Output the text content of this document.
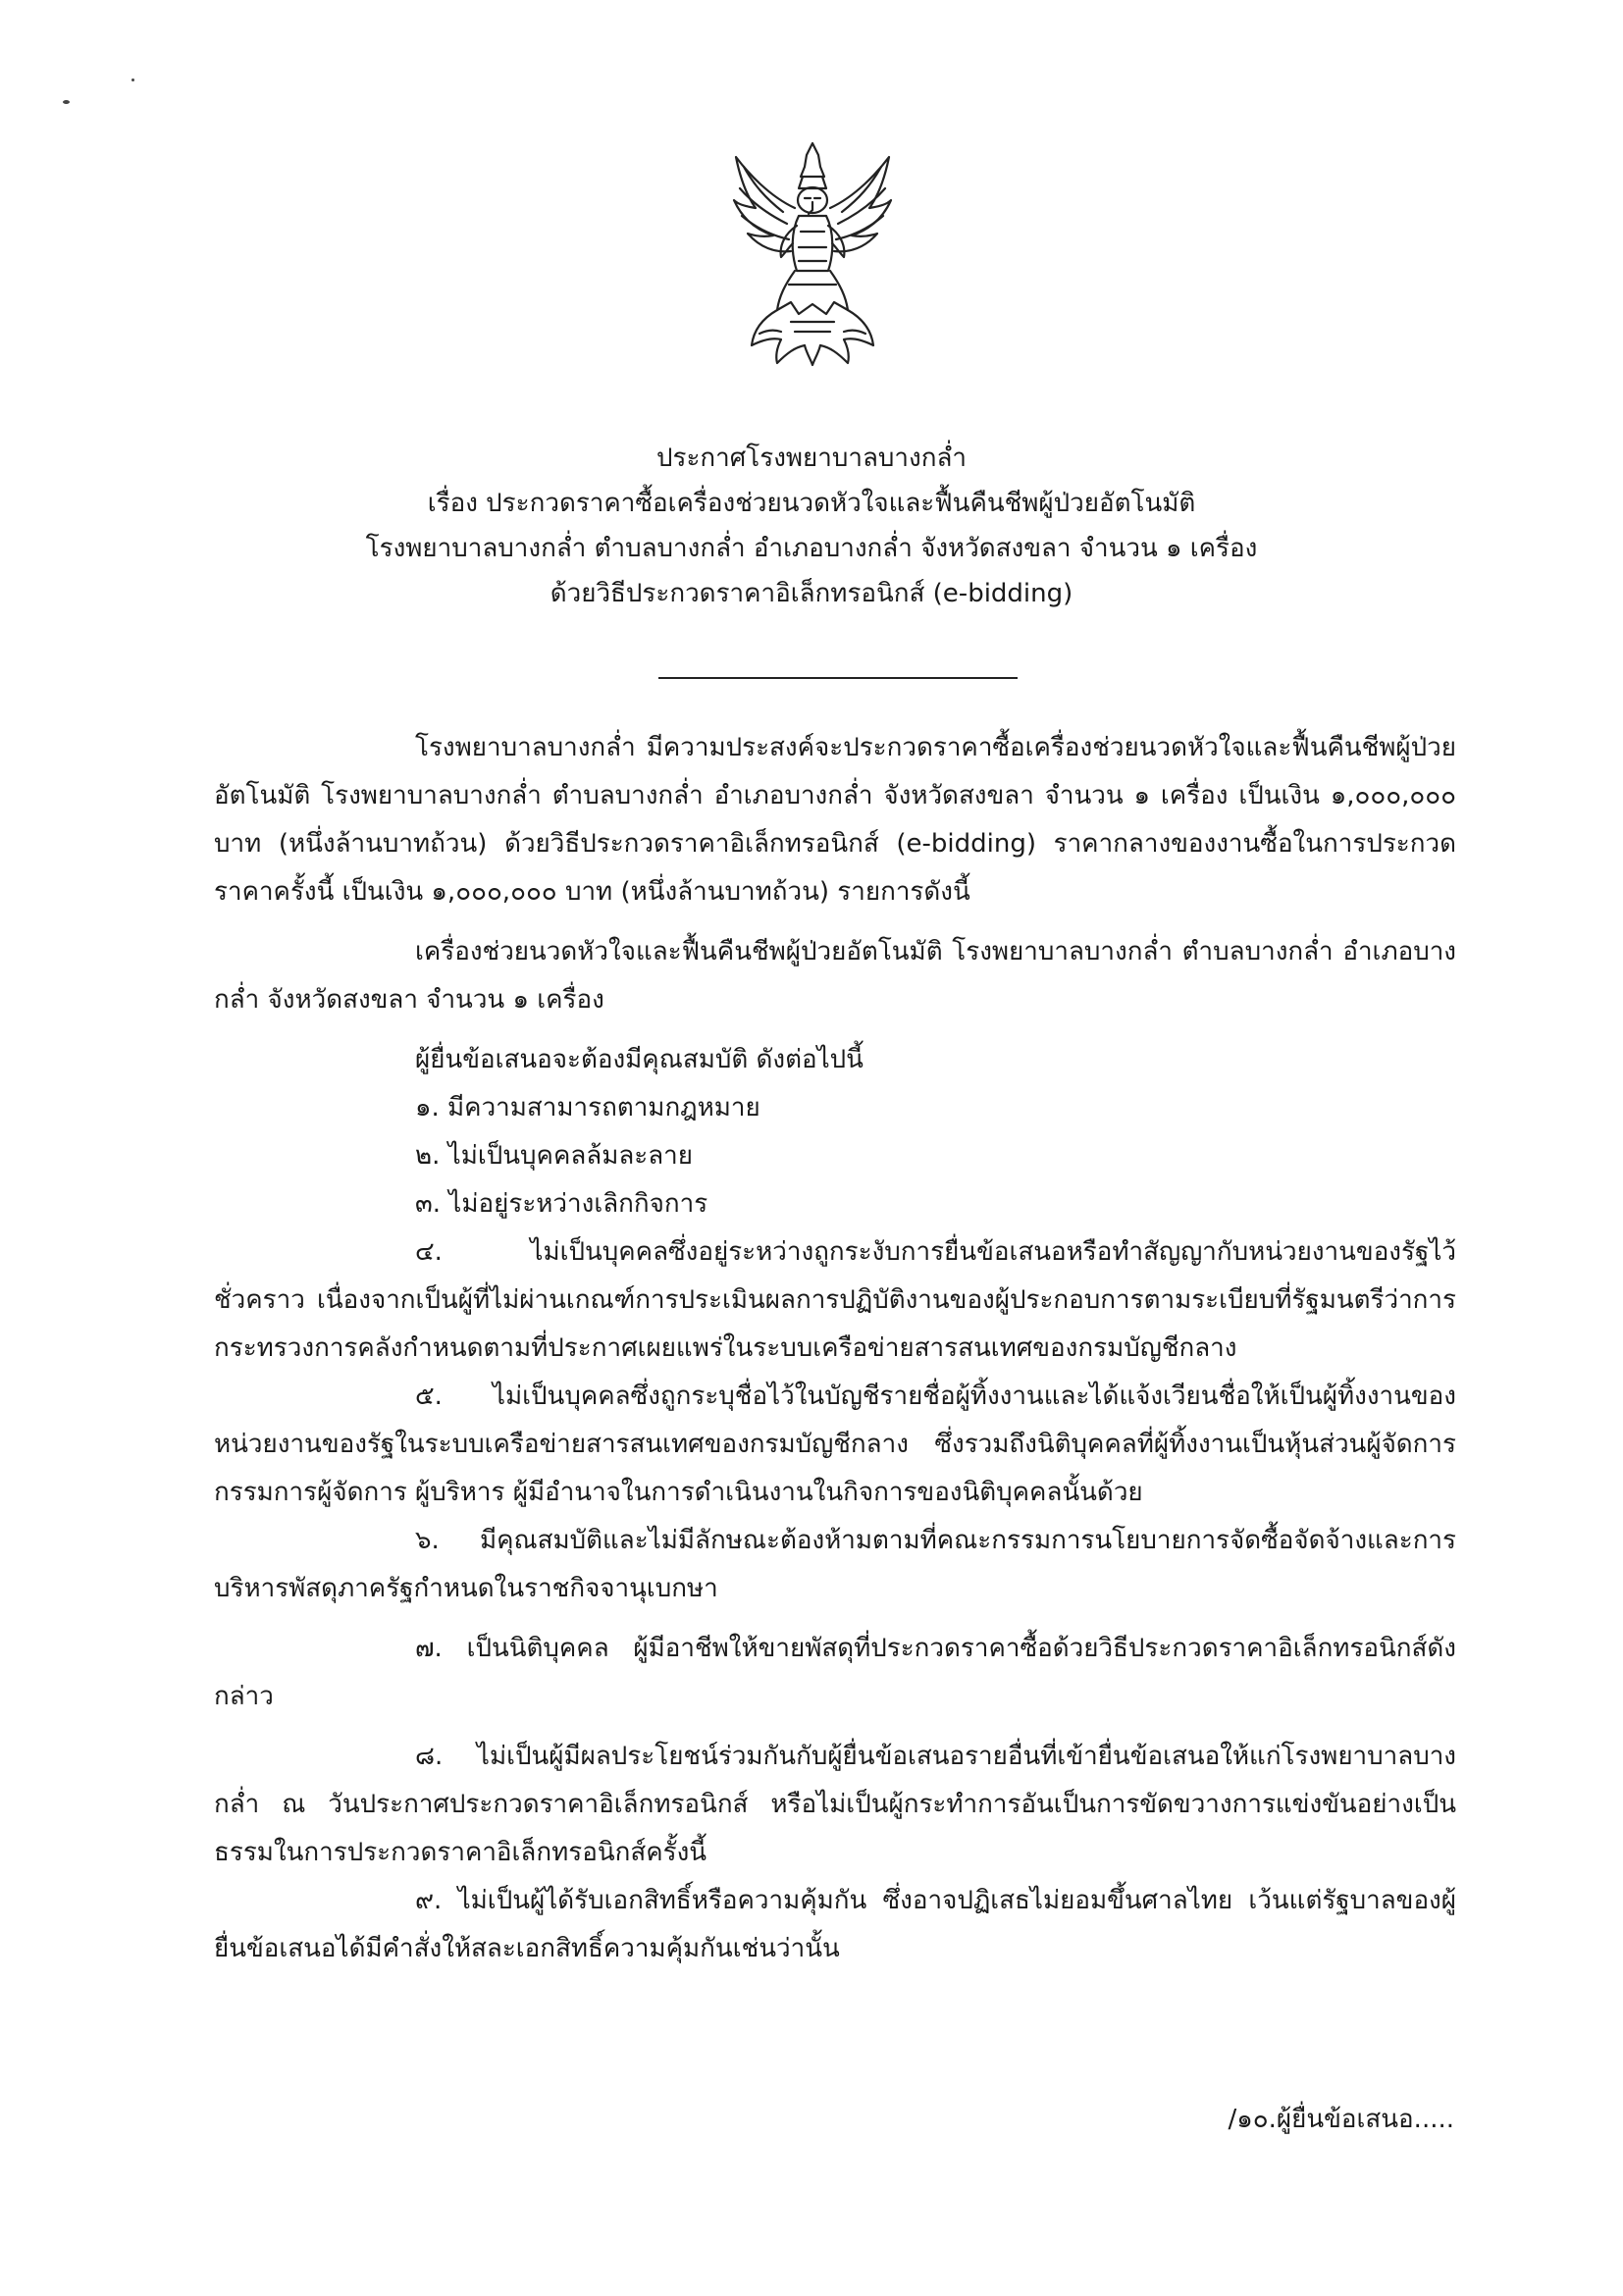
ประกาศโรงพยาบาลบางกล่ำ
เรื่อง ประกวดราคาซื้อเครื่องช่วยนวดหัวใจและฟื้นคืนชีพผู้ป่วยอัตโนมัติ
โรงพยาบาลบางกล่ำ ตำบลบางกล่ำ อำเภอบางกล่ำ จังหวัดสงขลา จำนวน ๑ เครื่อง
ด้วยวิธีประกวดราคาอิเล็กทรอนิกส์ (e-bidding)

โรงพยาบาลบางกล่ำ มีความประสงค์จะประกวดราคาซื้อเครื่องช่วยนวดหัวใจและฟื้นคืนชีพผู้ป่วยอัตโนมัติ โรงพยาบาลบางกล่ำ ตำบลบางกล่ำ อำเภอบางกล่ำ จังหวัดสงขลา จำนวน ๑ เครื่อง เป็นเงิน ๑,๐๐๐,๐๐๐ บาท (หนึ่งล้านบาทถ้วน) ด้วยวิธีประกวดราคาอิเล็กทรอนิกส์ (e-bidding) ราคากลางของงานซื้อในการประกวดราคาครั้งนี้ เป็นเงิน ๑,๐๐๐,๐๐๐ บาท (หนึ่งล้านบาทถ้วน) รายการดังนี้

เครื่องช่วยนวดหัวใจและฟื้นคืนชีพผู้ป่วยอัตโนมัติ โรงพยาบาลบางกล่ำ ตำบลบางกล่ำ อำเภอบางกล่ำ จังหวัดสงขลา จำนวน ๑ เครื่อง

ผู้ยื่นข้อเสนอจะต้องมีคุณสมบัติ ดังต่อไปนี้

๑. มีความสามารถตามกฎหมาย

๒. ไม่เป็นบุคคลล้มละลาย

๓. ไม่อยู่ระหว่างเลิกกิจการ

๔. ไม่เป็นบุคคลซึ่งอยู่ระหว่างถูกระงับการยื่นข้อเสนอหรือทำสัญญากับหน่วยงานของรัฐไว้ชั่วคราว เนื่องจากเป็นผู้ที่ไม่ผ่านเกณฑ์การประเมินผลการปฏิบัติงานของผู้ประกอบการตามระเบียบที่รัฐมนตรีว่าการกระทรวงการคลังกำหนดตามที่ประกาศเผยแพร่ในระบบเครือข่ายสารสนเทศของกรมบัญชีกลาง

๕. ไม่เป็นบุคคลซึ่งถูกระบุชื่อไว้ในบัญชีรายชื่อผู้ทิ้งงานและได้แจ้งเวียนชื่อให้เป็นผู้ทิ้งงานของหน่วยงานของรัฐในระบบเครือข่ายสารสนเทศของกรมบัญชีกลาง ซึ่งรวมถึงนิติบุคคลที่ผู้ทิ้งงานเป็นหุ้นส่วนผู้จัดการ กรรมการผู้จัดการ ผู้บริหาร ผู้มีอำนาจในการดำเนินงานในกิจการของนิติบุคคลนั้นด้วย

๖. มีคุณสมบัติและไม่มีลักษณะต้องห้ามตามที่คณะกรรมการนโยบายการจัดซื้อจัดจ้างและการบริหารพัสดุภาครัฐกำหนดในราชกิจจานุเบกษา

๗. เป็นนิติบุคคล ผู้มีอาชีพให้ขายพัสดุที่ประกวดราคาซื้อด้วยวิธีประกวดราคาอิเล็กทรอนิกส์ดังกล่าว

๘. ไม่เป็นผู้มีผลประโยชน์ร่วมกันกับผู้ยื่นข้อเสนอรายอื่นที่เข้ายื่นข้อเสนอให้แก่โรงพยาบาลบางกล่ำ ณ วันประกาศประกวดราคาอิเล็กทรอนิกส์ หรือไม่เป็นผู้กระทำการอันเป็นการขัดขวางการแข่งขันอย่างเป็นธรรมในการประกวดราคาอิเล็กทรอนิกส์ครั้งนี้

๙. ไม่เป็นผู้ได้รับเอกสิทธิ์หรือความคุ้มกัน ซึ่งอาจปฏิเสธไม่ยอมขึ้นศาลไทย เว้นแต่รัฐบาลของผู้ยื่นข้อเสนอได้มีคำสั่งให้สละเอกสิทธิ์ความคุ้มกันเช่นว่านั้น

/๑๐.ผู้ยื่นข้อเสนอ.....
